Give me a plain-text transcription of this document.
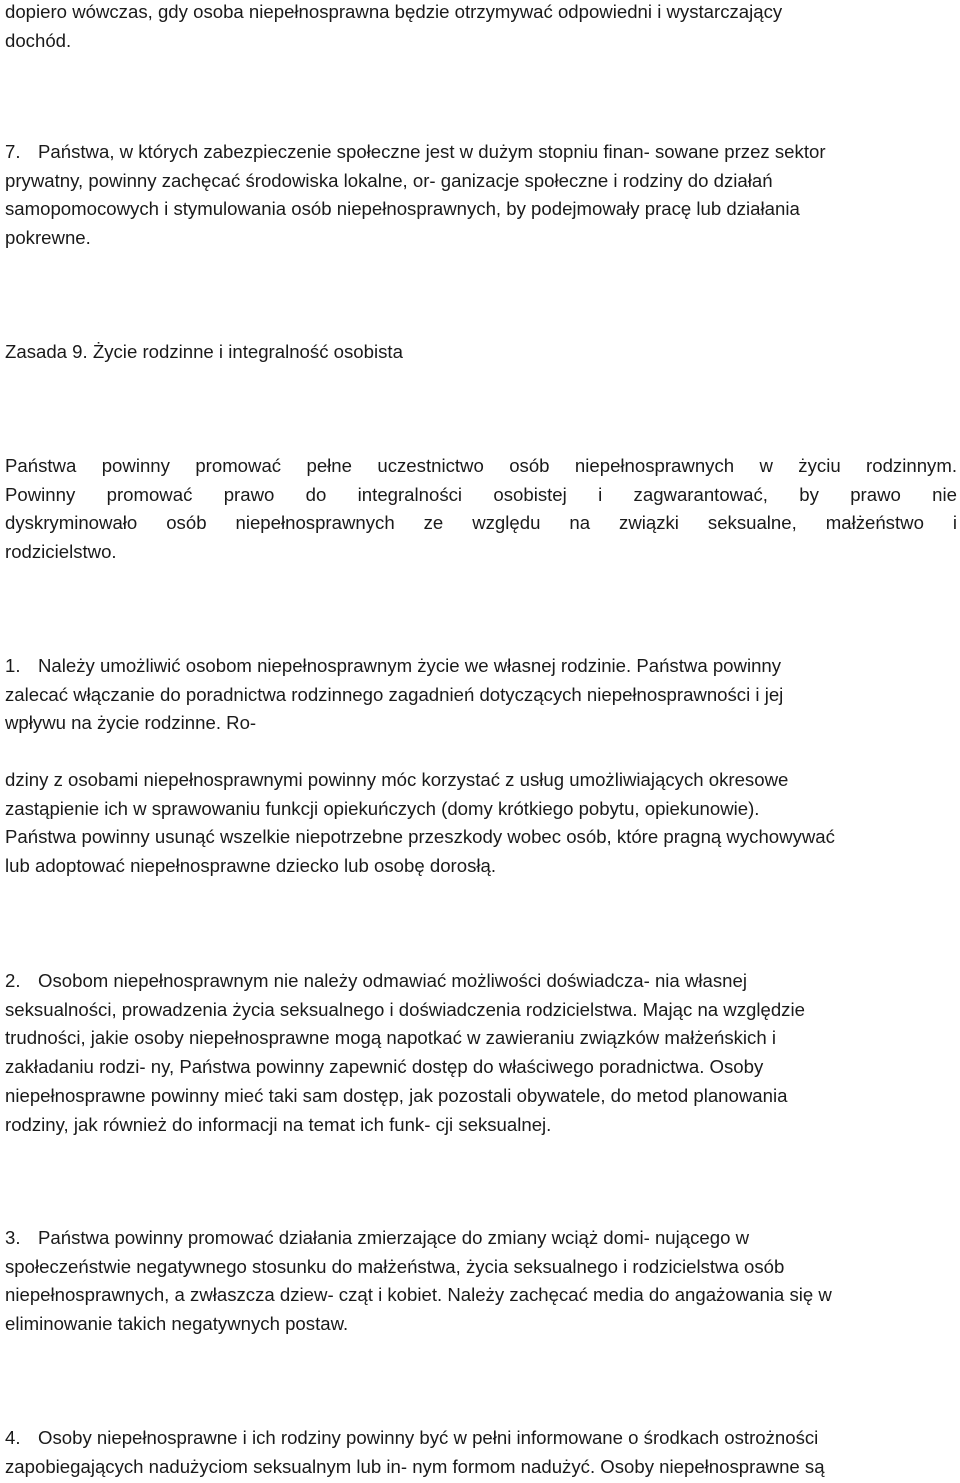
dopiero wówczas, gdy osoba niepełnosprawna będzie otrzymywać odpowiedni i wystarczający
dochód.

7. Państwa, w których zabezpieczenie społeczne jest w dużym stopniu finan- sowane przez sektor
prywatny, powinny zachęcać środowiska lokalne, or- ganizacje społeczne i rodziny do działań
samopomocowych i stymulowania osób niepełnosprawnych, by podejmowały pracę lub działania
pokrewne.

Zasada 9. Życie rodzinne i integralność osobista

Państwa powinny promować pełne uczestnictwo osób niepełnosprawnych w życiu rodzinnym.
Powinny promować prawo do integralności osobistej i zagwarantować, by prawo nie
dyskryminowało osób niepełnosprawnych ze względu na związki seksualne, małżeństwo i
rodzicielstwo.

1. Należy umożliwić osobom niepełnosprawnym życie we własnej rodzinie. Państwa powinny
zalecać włączanie do poradnictwa rodzinnego zagadnień dotyczących niepełnosprawności i jej
wpływu na życie rodzinne. Ro-

dziny z osobami niepełnosprawnymi powinny móc korzystać z usług umożliwiających okresowe
zastąpienie ich w sprawowaniu funkcji opiekuńczych (domy krótkiego pobytu, opiekunowie).
Państwa powinny usunąć wszelkie niepotrzebne przeszkody wobec osób, które pragną wychowywać
lub adoptować niepełnosprawne dziecko lub osobę dorosłą.

2. Osobom niepełnosprawnym nie należy odmawiać możliwości doświadcza- nia własnej
seksualności, prowadzenia życia seksualnego i doświadczenia rodzicielstwa. Mając na względzie
trudności, jakie osoby niepełnosprawne mogą napotkać w zawieraniu związków małżeńskich i
zakładaniu rodzi- ny, Państwa powinny zapewnić dostęp do właściwego poradnictwa. Osoby
niepełnosprawne powinny mieć taki sam dostęp, jak pozostali obywatele, do metod planowania
rodziny, jak również do informacji na temat ich funk- cji seksualnej.

3. Państwa powinny promować działania zmierzające do zmiany wciąż domi- nującego w
społeczeństwie negatywnego stosunku do małżeństwa, życia seksualnego i rodzicielstwa osób
niepełnosprawnych, a zwłaszcza dziew- cząt i kobiet. Należy zachęcać media do angażowania się w
eliminowanie takich negatywnych postaw.

4. Osoby niepełnosprawne i ich rodziny powinny być w pełni informowane o środkach ostrożności
zapobiegających nadużyciom seksualnym lub in- nym formom nadużyć. Osoby niepełnosprawne są
